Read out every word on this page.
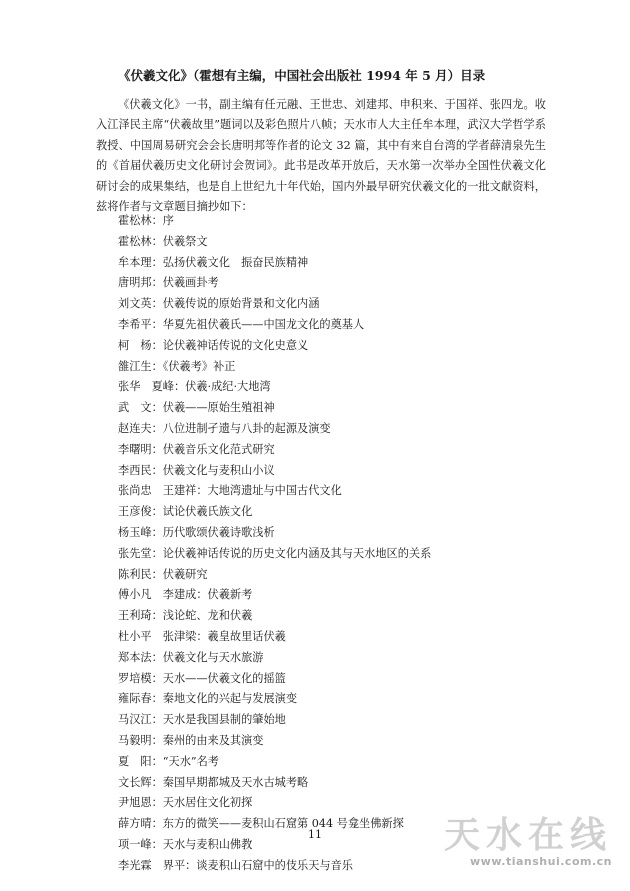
《伏羲文化》（霍想有主编，中国社会出版社 1994 年 5 月）目录

《伏羲文化》一书，副主编有任元融、王世忠、刘建邦、申积来、于国祥、张四龙。收入江泽民主席“伏羲故里”题词以及彩色照片八帧；天水市人大主任牟本理，武汉大学哲学系教授、中国周易研究会会长唐明邦等作者的论文 32 篇，其中有来自台湾的学者薛清泉先生的《首届伏羲历史文化研讨会贺词》。此书是改革开放后，天水第一次举办全国性伏羲文化研讨会的成果集结，也是自上世纪九十年代始，国内外最早研究伏羲文化的一批文献资料，兹将作者与文章题目摘抄如下：

霍松林：序
霍松林：伏羲祭文
牟本理：弘扬伏羲文化　振奋民族精神
唐明邦：伏羲画卦考
刘文英：伏羲传说的原始背景和文化内涵
李希平：华夏先祖伏羲氏——中国龙文化的奠基人
柯　杨：论伏羲神话传说的文化史意义
雒江生：《伏羲考》补正
张华　夏峰：伏羲·成纪·大地湾
武　文：伏羲——原始生殖祖神
赵连夫：八位进制孑遗与八卦的起源及演变
李曙明：伏羲音乐文化范式研究
李西民：伏羲文化与麦积山小议
张尚忠　王建祥：大地湾遗址与中国古代文化
王彦俊：试论伏羲氏族文化
杨玉峰：历代歌颂伏羲诗歌浅析
张先堂：论伏羲神话传说的历史文化内涵及其与天水地区的关系
陈利民：伏羲研究
傅小凡　李建成：伏羲新考
王利琦：浅论蛇、龙和伏羲
杜小平　张津梁：羲皇故里话伏羲
郑本法：伏羲文化与天水旅游
罗培模：天水——伏羲文化的摇篮
雍际春：秦地文化的兴起与发展演变
马汉江：天水是我国县制的肇始地
马毅明：秦州的由来及其演变
夏　阳：“天水”名考
文长辉：秦国早期都城及天水古城考略
尹旭恩：天水居住文化初探
薛方晴：东方的微笑——麦积山石窟第 044 号龛坐佛新探
项一峰：天水与麦积山佛教
李光霖　界平：谈麦积山石窟中的伎乐天与音乐
11	天水在线
www.tianshui.com.cn
